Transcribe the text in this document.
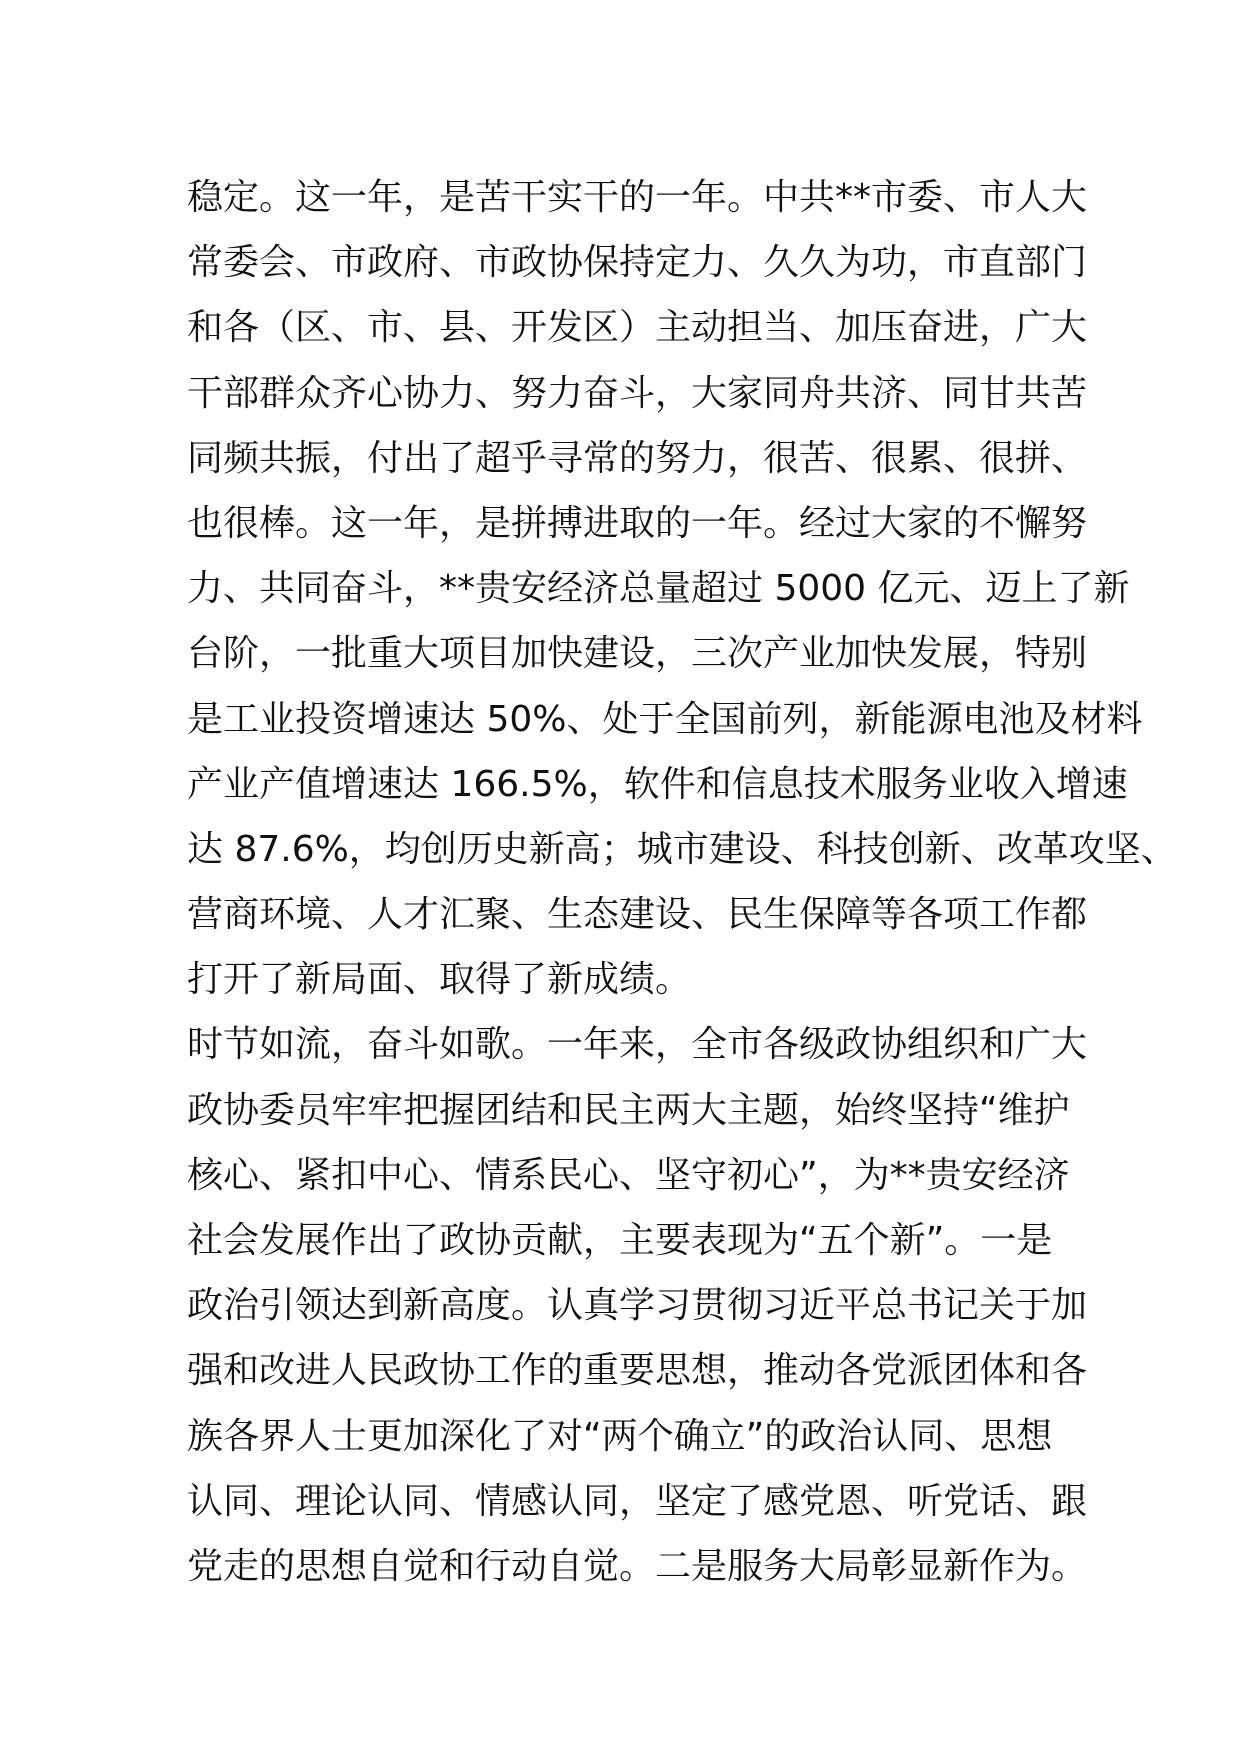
稳定。这一年，是苦干实干的一年。中共**市委、市人大
常委会、市政府、市政协保持定力、久久为功，市直部门
和各（区、市、县、开发区）主动担当、加压奋进，广大
干部群众齐心协力、努力奋斗，大家同舟共济、同甘共苦
同频共振，付出了超乎寻常的努力，很苦、很累、很拼、
也很棒。这一年，是拼搏进取的一年。经过大家的不懈努
力、共同奋斗，**贵安经济总量超过 5000 亿元、迈上了新
台阶，一批重大项目加快建设，三次产业加快发展，特别
是工业投资增速达 50%、处于全国前列，新能源电池及材料
产业产值增速达 166.5%，软件和信息技术服务业收入增速
达 87.6%，均创历史新高；城市建设、科技创新、改革攻坚、
营商环境、人才汇聚、生态建设、民生保障等各项工作都
打开了新局面、取得了新成绩。
时节如流，奋斗如歌。一年来，全市各级政协组织和广大
政协委员牢牢把握团结和民主两大主题，始终坚持“维护
核心、紧扣中心、情系民心、坚守初心”，为**贵安经济
社会发展作出了政协贡献，主要表现为“五个新”。一是
政治引领达到新高度。认真学习贯彻习近平总书记关于加
强和改进人民政协工作的重要思想，推动各党派团体和各
族各界人士更加深化了对“两个确立”的政治认同、思想
认同、理论认同、情感认同，坚定了感党恩、听党话、跟
党走的思想自觉和行动自觉。二是服务大局彰显新作为。
